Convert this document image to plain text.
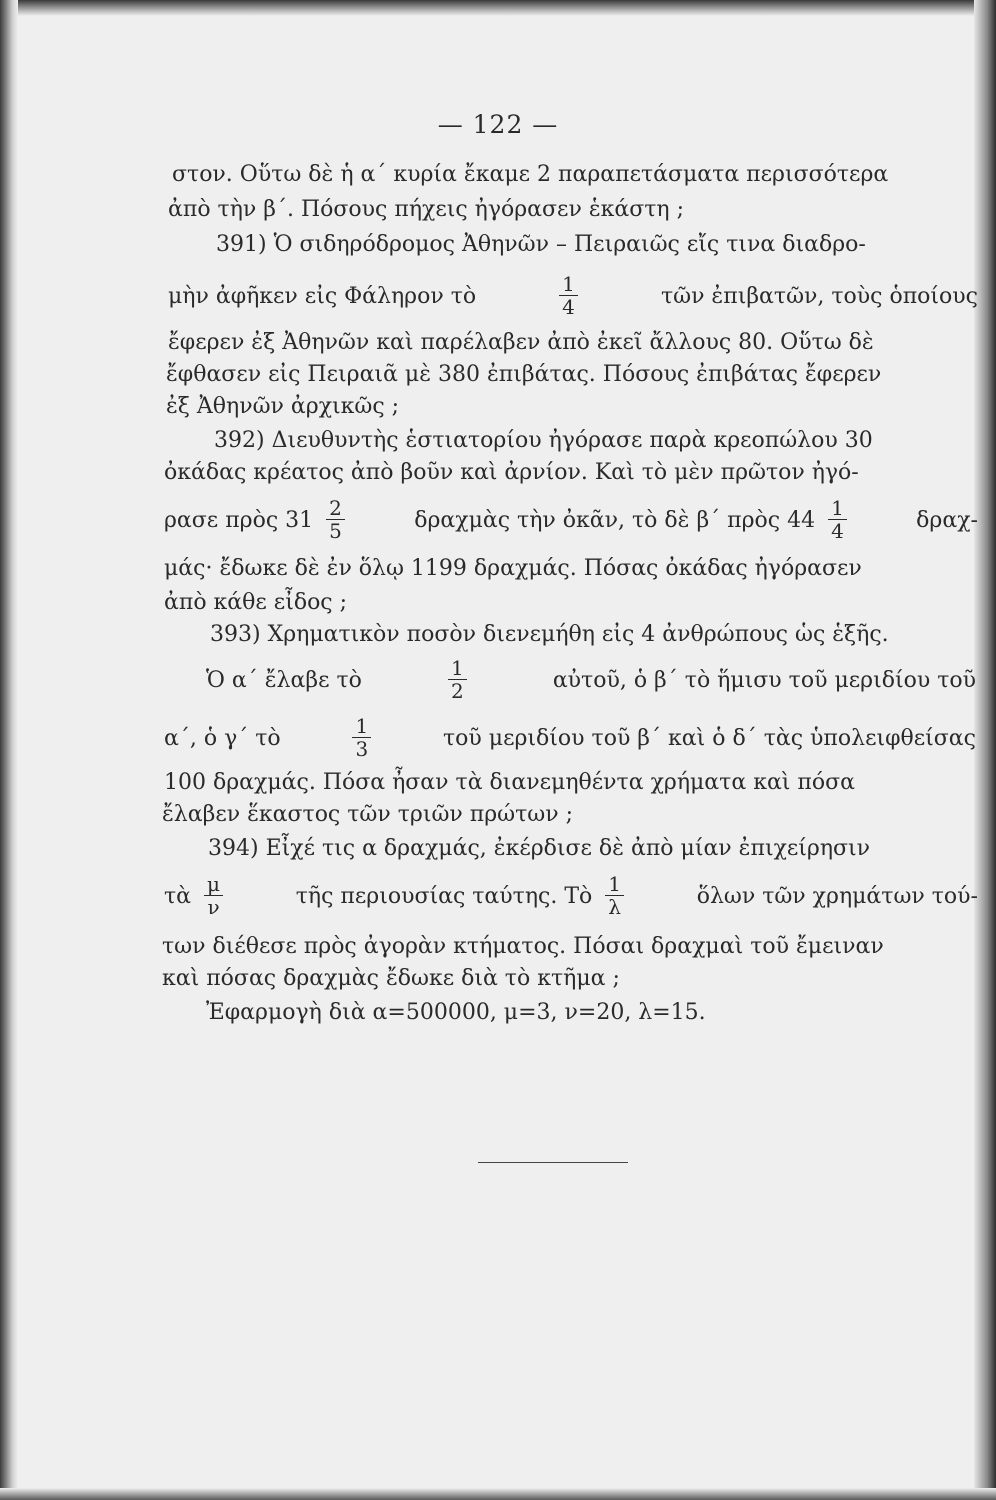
— 122 —
στον. Οὕτω δὲ ἡ α΄ κυρία ἔκαμε 2 παραπετάσματα περισσότερα
ἀπὸ τὴν β΄. Πόσους πήχεις ἠγόρασεν ἑκάστη ;
391) Ὁ σιδηρόδρομος Ἀθηνῶν – Πειραιῶς εἴς τινα διαδρο-
μὴν ἀφῆκεν εἰς Φάληρον τὸ	$\frac{1}{4}$	τῶν ἐπιβατῶν, τοὺς ὁποίους
ἔφερεν ἐξ Ἀθηνῶν καὶ παρέλαβεν ἀπὸ ἐκεῖ ἄλλους 80. Οὕτω δὲ
ἔφθασεν εἰς Πειραιᾶ μὲ 380 ἐπιβάτας. Πόσους ἐπιβάτας ἔφερεν
ἐξ Ἀθηνῶν ἀρχικῶς ;
392) Διευθυντὴς ἑστιατορίου ἠγόρασε παρὰ κρεοπώλου 30
ὀκάδας κρέατος ἀπὸ βοῦν καὶ ἀρνίον. Καὶ τὸ μὲν πρῶτον ἠγό-
ρασε πρὸς $31 \frac{2}{5}$	δραχμὰς τὴν ὀκᾶν, τὸ δὲ β΄ πρὸς $44 \frac{1}{4}$	δραχ-
μάς· ἔδωκε δὲ ἐν ὅλῳ 1199 δραχμάς. Πόσας ὀκάδας ἠγόρασεν
ἀπὸ κάθε εἶδος ;
393) Χρηματικὸν ποσὸν διενεμήθη εἰς 4 ἀνθρώπους ὡς ἑξῆς.
Ὁ α΄ ἔλαβε τὸ	$\frac{1}{2}$	αὐτοῦ, ὁ β΄ τὸ ἥμισυ τοῦ μεριδίου τοῦ
α΄, ὁ γ΄ τὸ	$\frac{1}{3}$	τοῦ μεριδίου τοῦ β΄ καὶ ὁ δ΄ τὰς ὑπολειφθείσας
100 δραχμάς. Πόσα ἦσαν τὰ διανεμηθέντα χρήματα καὶ πόσα
ἔλαβεν ἕκαστος τῶν τριῶν πρώτων ;
394) Εἶχέ τις α δραχμάς, ἐκέρδισε δὲ ἀπὸ μίαν ἐπιχείρησιν
τὰ $\frac{\mu}{\nu}$	τῆς περιουσίας ταύτης. Τὸ $\frac{1}{\lambda}$	ὅλων τῶν χρημάτων τού-
των διέθεσε πρὸς ἀγορὰν κτήματος. Πόσαι δραχμαὶ τοῦ ἔμειναν
καὶ πόσας δραχμὰς ἔδωκε διὰ τὸ κτῆμα ;
Ἐφαρμογὴ διὰ α=500000, μ=3, ν=20, λ=15.
